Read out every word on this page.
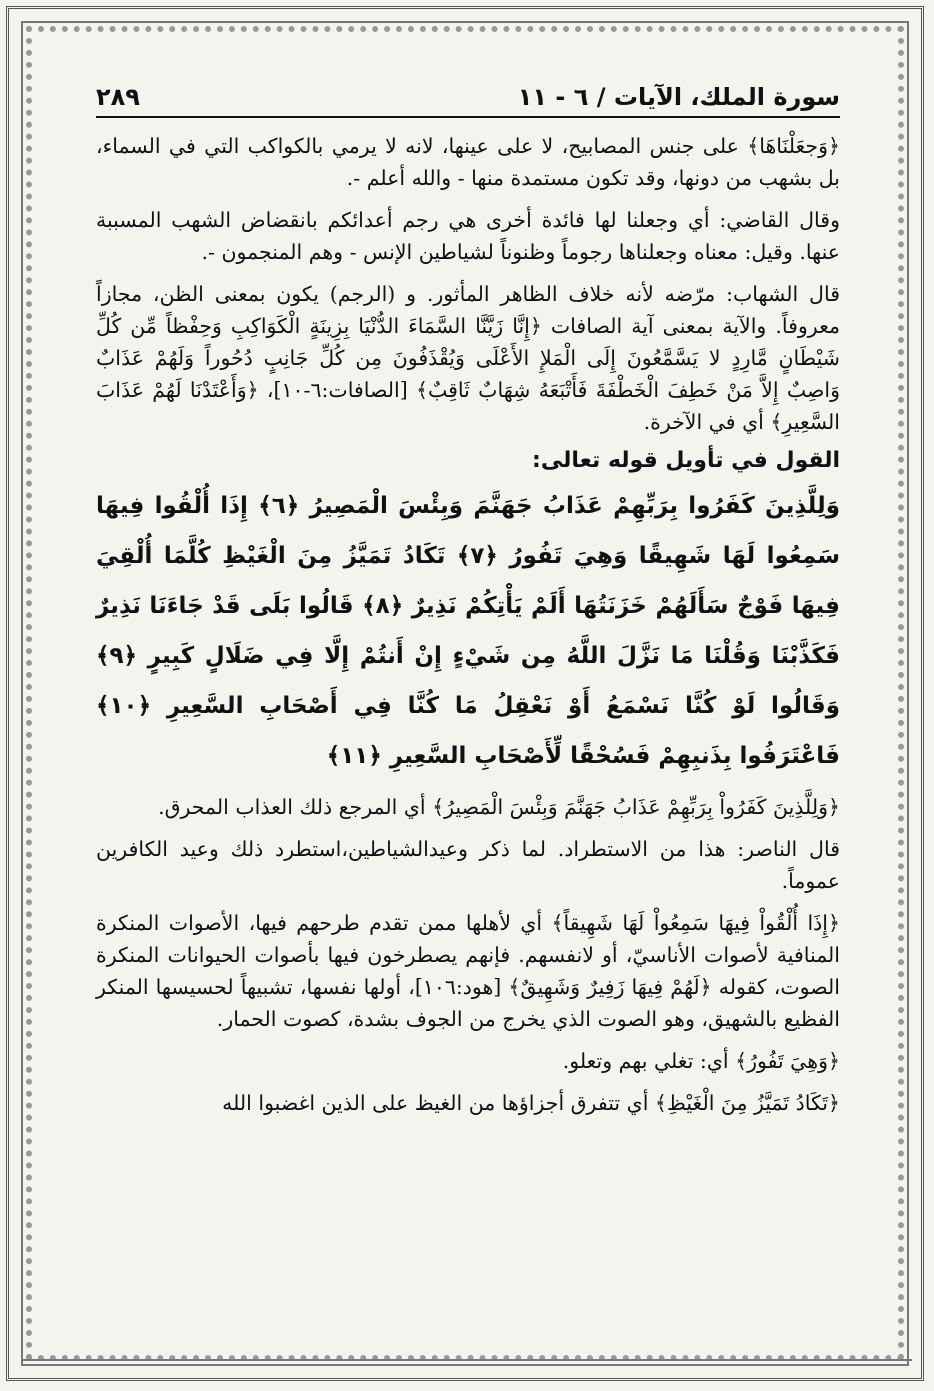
سورة الملك، الآيات / ٦ - ١١
٢٨٩

﴿وَجعَلْنَاهَا﴾ على جنس المصابيح، لا على عينها، لانه لا يرمي بالكواكب التي في السماء، بل بشهب من دونها، وقد تكون مستمدة منها - والله أعلم -.

وقال القاضي: أي وجعلنا لها فائدة أخرى هي رجم أعدائكم بانقضاض الشهب المسببة عنها. وقيل: معناه وجعلناها رجوماً وظنوناً لشياطين الإنس - وهم المنجمون -.

قال الشهاب: مرّضه لأنه خلاف الظاهر المأثور. و (الرجم) يكون بمعنى الظن، مجازاً معروفاً. والآية بمعنى آية الصافات ﴿إِنَّا زَيَّنَّا السَّمَاءَ الدُّنْيَا بِزِينَةٍ الْكَوَاكِبِ وَحِفْظاً مِّن كُلِّ شَيْطَانٍ مَّارِدٍ لا يَسَّمَّعُونَ إِلَى الْمَلإِ الأَعْلَى وَيُقْذَفُونَ مِن كُلِّ جَانِبٍ دُحُوراً وَلَهُمْ عَذَابٌ وَاصِبٌ إِلاَّ مَنْ خَطِفَ الْخَطْفَةَ فَأَتْبَعَهُ شِهَابٌ ثَاقِبٌ﴾ [الصافات:٦-١٠]، ﴿وَأَعْتَدْنَا لَهُمْ عَذَابَ السَّعِيرِ﴾ أي في الآخرة.

القول في تأويل قوله تعالى:
وَلِلَّذِينَ كَفَرُوا بِرَبِّهِمْ عَذَابُ جَهَنَّمَ وَبِئْسَ الْمَصِيرُ ﴿٦﴾ إِذَا أُلْقُوا فِيهَا سَمِعُوا لَهَا شَهِيقًا وَهِيَ تَفُورُ ﴿٧﴾ تَكَادُ تَمَيَّزُ مِنَ الْغَيْظِ كُلَّمَا أُلْقِيَ فِيهَا فَوْجٌ سَأَلَهُمْ خَزَنَتُهَا أَلَمْ يَأْتِكُمْ نَذِيرٌ ﴿٨﴾ قَالُوا بَلَى قَدْ جَاءَنَا نَذِيرٌ فَكَذَّبْنَا وَقُلْنَا مَا نَزَّلَ اللَّهُ مِن شَيْءٍ إِنْ أَنتُمْ إِلَّا فِي ضَلَالٍ كَبِيرٍ ﴿٩﴾ وَقَالُوا لَوْ كُنَّا نَسْمَعُ أَوْ نَعْقِلُ مَا كُنَّا فِي أَصْحَابِ السَّعِيرِ ﴿١٠﴾ فَاعْتَرَفُوا بِذَنبِهِمْ فَسُحْقًا لِّأَصْحَابِ السَّعِيرِ ﴿١١﴾

﴿وَلِلَّذِينَ كَفَرُواْ بِرَبِّهِمْ عَذَابُ جَهَنَّمَ وَبِئْسَ الْمَصِيرُ﴾ أي المرجع ذلك العذاب المحرق.

قال الناصر: هذا من الاستطراد. لما ذكر وعيدالشياطين،استطرد ذلك وعيد الكافرين عموماً.

﴿إِذَا أُلْقُواْ فِيهَا سَمِعُواْ لَهَا شَهِيقاً﴾ أي لأهلها ممن تقدم طرحهم فيها، الأصوات المنكرة المنافية لأصوات الأناسيّ، أو لانفسهم. فإنهم يصطرخون فيها بأصوات الحيوانات المنكرة الصوت، كقوله ﴿لَهُمْ فِيهَا زَفِيرٌ وَشَهِيقٌ﴾ [هود:١٠٦]، أولها نفسها، تشبيهاً لحسيسها المنكر الفظيع بالشهيق، وهو الصوت الذي يخرج من الجوف بشدة، كصوت الحمار.

﴿وَهِيَ تَفُورُ﴾ أي: تغلي بهم وتعلو.

﴿تَكَادُ تَمَيَّزُ مِنَ الْغَيْظِ﴾ أي تتفرق أجزاؤها من الغيظ على الذين اغضبوا الله
